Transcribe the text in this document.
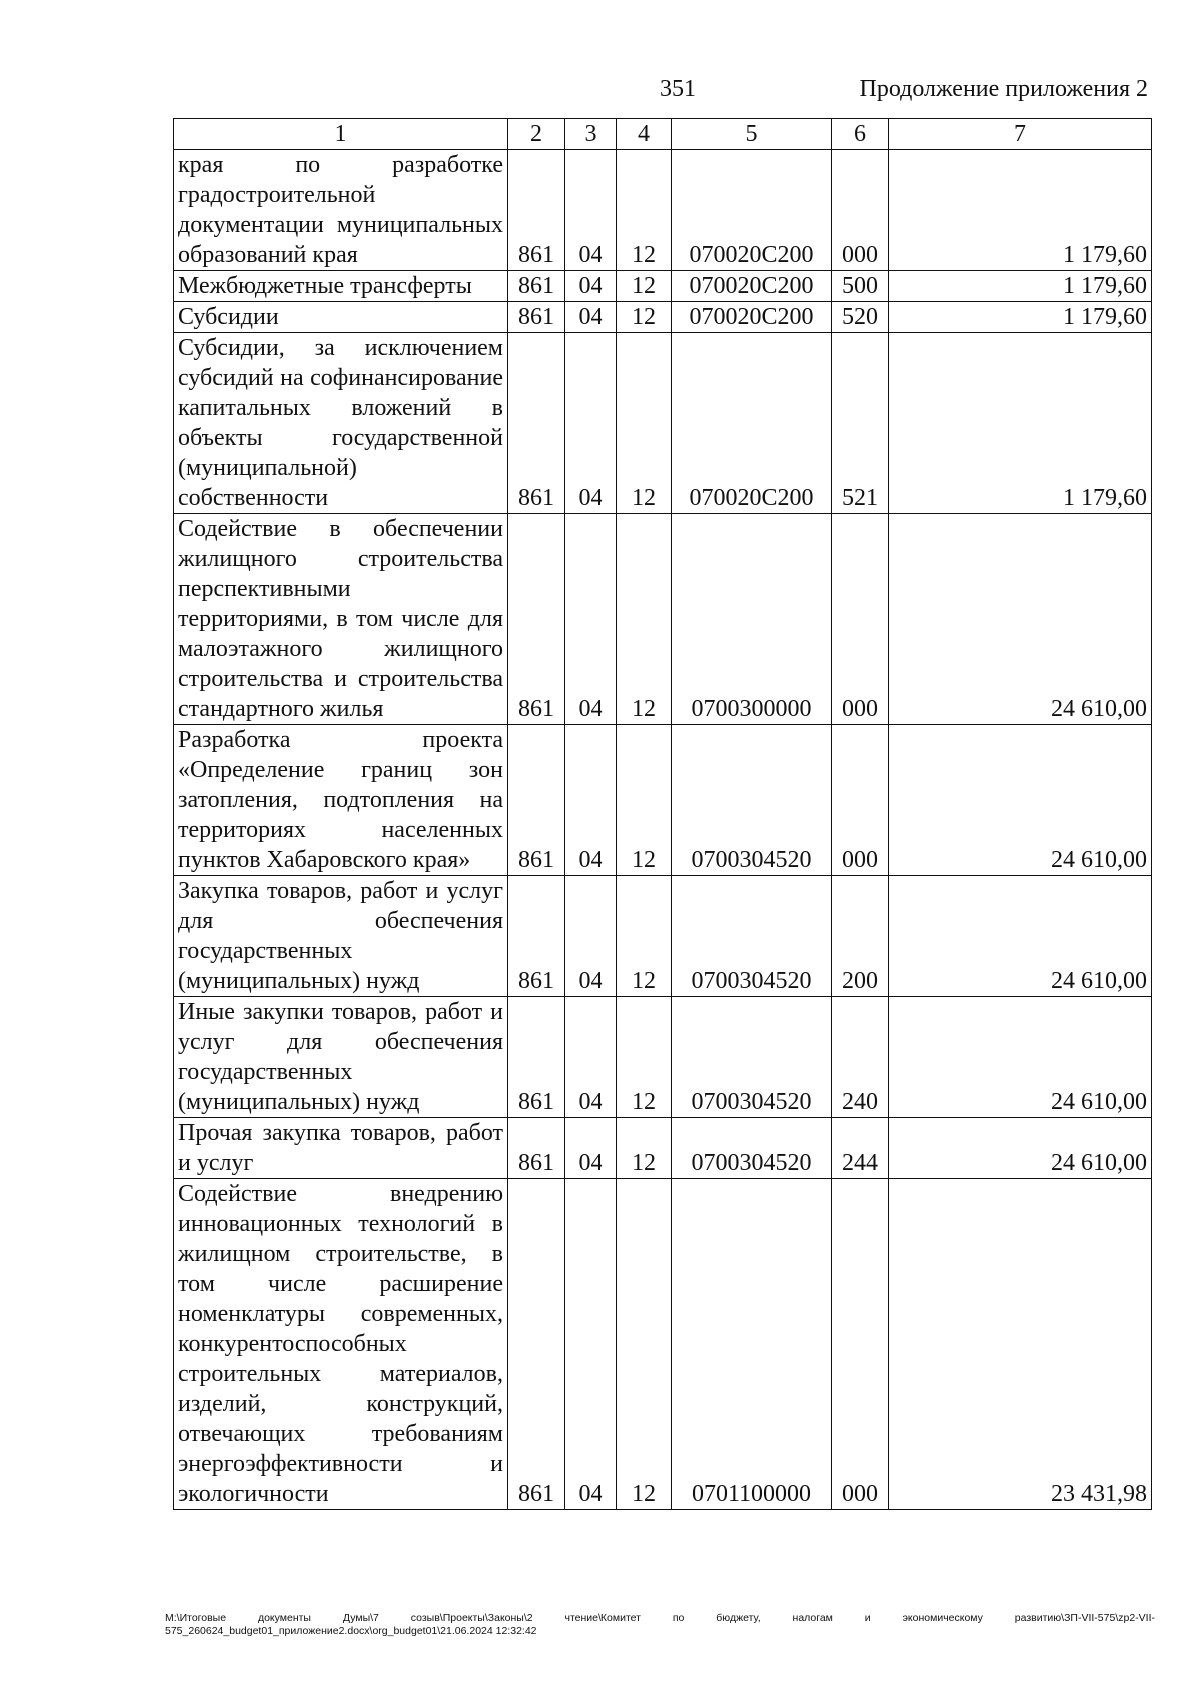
351	Продолжение приложения 2
1	2	3	4	5	6	7
края по разработке градостроительной документации муниципальных образований края	861	04	12	070020С200	000	1 179,60
Межбюджетные трансферты	861	04	12	070020С200	500	1 179,60
Субсидии	861	04	12	070020С200	520	1 179,60
Субсидии, за исключением субсидий на софинансирование капитальных вложений в объекты государственной (муниципальной) собственности	861	04	12	070020С200	521	1 179,60
Содействие в обеспечении жилищного строительства перспективными территориями, в том числе для малоэтажного жилищного строительства и строительства стандартного жилья	861	04	12	0700300000	000	24 610,00
Разработка проекта «Определение границ зон затопления, подтопления на территориях населенных пунктов Хабаровского края»	861	04	12	0700304520	000	24 610,00
Закупка товаров, работ и услуг для обеспечения государственных (муниципальных) нужд	861	04	12	0700304520	200	24 610,00
Иные закупки товаров, работ и услуг для обеспечения государственных (муниципальных) нужд	861	04	12	0700304520	240	24 610,00
Прочая закупка товаров, работ и услуг	861	04	12	0700304520	244	24 610,00
Содействие внедрению инновационных технологий в жилищном строительстве, в том числе расширение номенклатуры современных, конкурентоспособных строительных материалов, изделий, конструкций, отвечающих требованиям энергоэффективности и экологичности	861	04	12	0701100000	000	23 431,98
M:\Итоговые документы Думы\7 созыв\Проекты\Законы\2 чтение\Комитет по бюджету, налогам и экономическому развитию\ЗП-VII-575\zp2-VII-575_260624_budget01_приложение2.docx\org_budget01\21.06.2024 12:32:42
